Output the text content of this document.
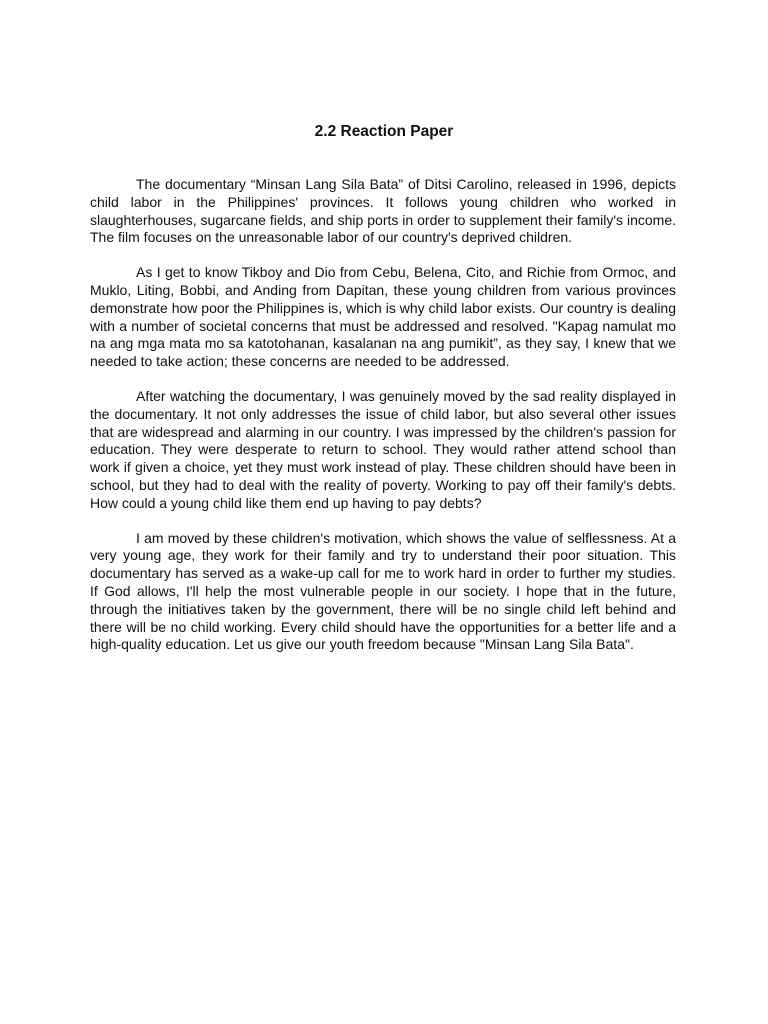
2.2 Reaction Paper

The documentary “Minsan Lang Sila Bata” of Ditsi Carolino, released in 1996, depicts child labor in the Philippines' provinces. It follows young children who worked in slaughterhouses, sugarcane fields, and ship ports in order to supplement their family's income. The film focuses on the unreasonable labor of our country's deprived children.

As I get to know Tikboy and Dio from Cebu, Belena, Cito, and Richie from Ormoc, and Muklo, Liting, Bobbi, and Anding from Dapitan, these young children from various provinces demonstrate how poor the Philippines is, which is why child labor exists. Our country is dealing with a number of societal concerns that must be addressed and resolved. "Kapag namulat mo na ang mga mata mo sa katotohanan, kasalanan na ang pumikit”, as they say, I knew that we needed to take action; these concerns are needed to be addressed.

After watching the documentary, I was genuinely moved by the sad reality displayed in the documentary. It not only addresses the issue of child labor, but also several other issues that are widespread and alarming in our country. I was impressed by the children's passion for education. They were desperate to return to school. They would rather attend school than work if given a choice, yet they must work instead of play. These children should have been in school, but they had to deal with the reality of poverty. Working to pay off their family's debts. How could a young child like them end up having to pay debts?

I am moved by these children's motivation, which shows the value of selflessness. At a very young age, they work for their family and try to understand their poor situation. This documentary has served as a wake-up call for me to work hard in order to further my studies. If God allows, I'll help the most vulnerable people in our society. I hope that in the future, through the initiatives taken by the government, there will be no single child left behind and there will be no child working. Every child should have the opportunities for a better life and a high-quality education. Let us give our youth freedom because "Minsan Lang Sila Bata".
